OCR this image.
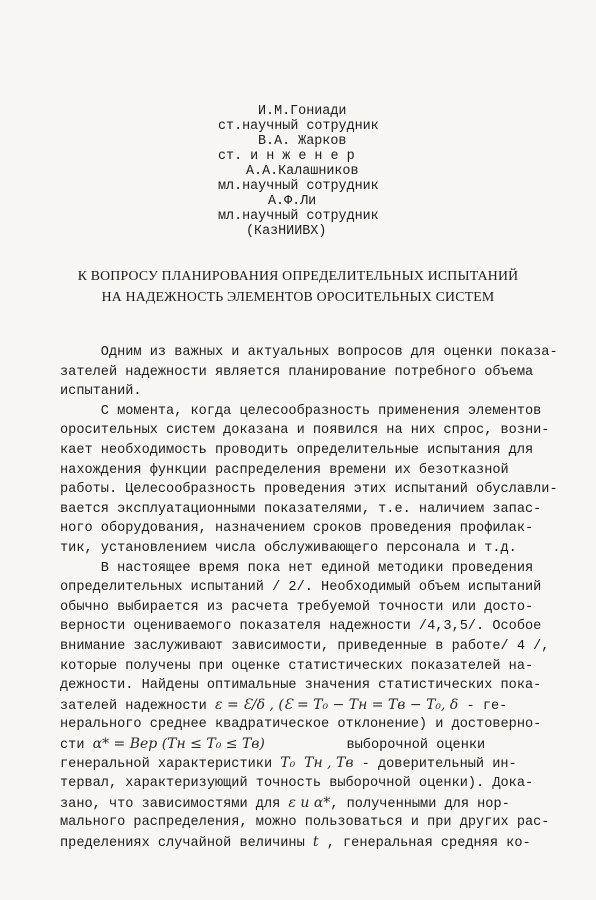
И.М.Гониади
ст.научный сотрудник
В.А. Жарков
ст. и н ж е н е р
А.А.Калашников
мл.научный сотрудник
А.Ф.Ли
мл.научный сотрудник
(КазНИИВХ)
К ВОПРОСУ ПЛАНИРОВАНИЯ ОПРЕДЕЛИТЕЛЬНЫХ ИСПЫТАНИЙ
НА НАДЕЖНОСТЬ ЭЛЕМЕНТОВ ОРОСИТЕЛЬНЫХ СИСТЕМ
Одним из важных и актуальных вопросов для оценки показа-
зателей надежности является планирование потребного объема
испытаний.
С момента, когда целесообразность применения элементов
оросительных систем доказана и появился на них спрос, возни-
кает необходимость проводить определительные испытания для
нахождения функции распределения времени их безотказной
работы. Целесообразность проведения этих испытаний обуславли-
вается эксплуатационными показателями, т.е. наличием запас-
ного оборудования, назначением сроков проведения профилак-
тик, установлением числа обслуживающего персонала и т.д.
В настоящее время пока нет единой методики проведения
определительных испытаний / 2/. Необходимый объем испытаний
обычно выбирается из расчета требуемой точности или досто-
верности оцениваемого показателя надежности /4,3,5/. Особое
внимание заслуживают зависимости, приведенные в работе/ 4 /,
которые получены при оценке статистических показателей на-
дежности. Найдены оптимальные значения статистических пока-
зателей надежности ε = Ɛ/δ , (Ɛ = T₀ − Tн = Tв − T₀, δ - ге-
нерального среднее квадратическое отклонение) и достоверно-
сти α* = Bep (Tн ≤ T₀ ≤ Tв)          выборочной оценки
генеральной характеристики T₀  Tн , Tв - доверительный ин-
тервал, характеризующий точность выборочной оценки). Дока-
зано, что зависимостями для ε и α*, полученными для нор-
мального распределения, можно пользоваться и при других рас-
пределениях случайной величины t , генеральная средняя ко-
